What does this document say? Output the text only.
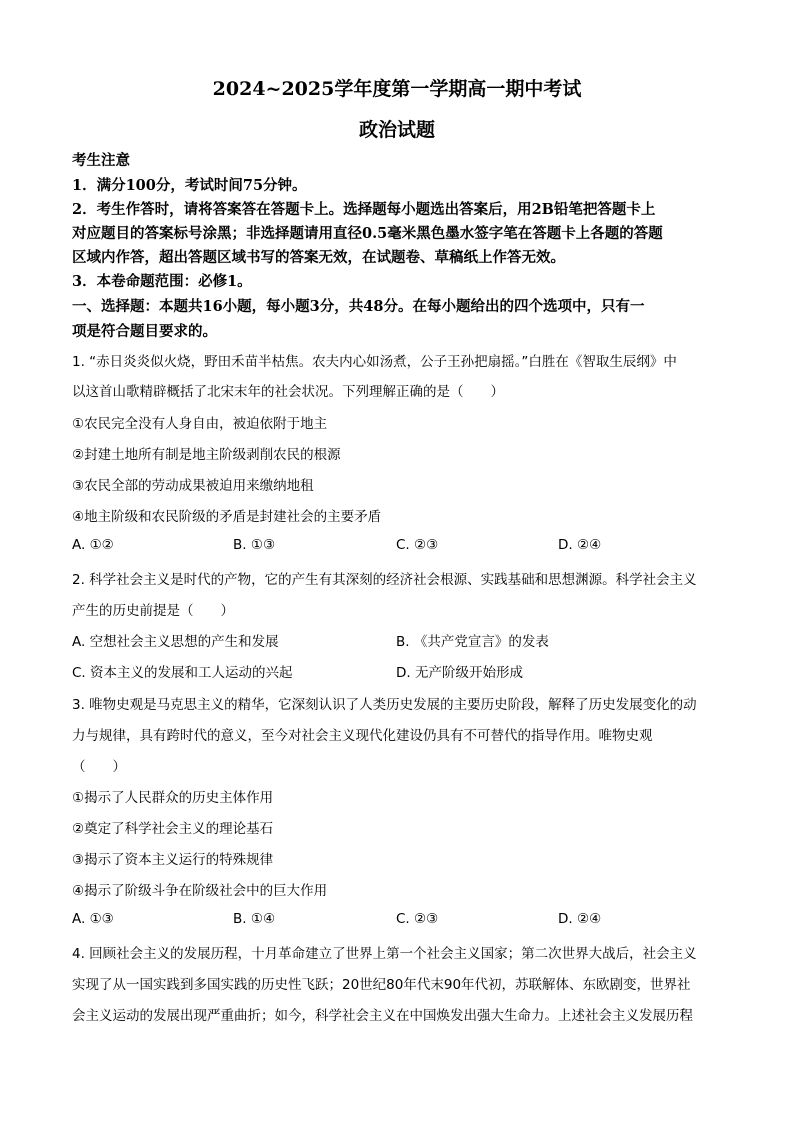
2024~2025学年度第一学期高一期中考试
政治试题
考生注意
1．满分100分，考试时间75分钟。
2．考生作答时，请将答案答在答题卡上。选择题每小题选出答案后，用2B铅笔把答题卡上
对应题目的答案标号涂黑；非选择题请用直径0.5毫米黑色墨水签字笔在答题卡上各题的答题
区域内作答，超出答题区域书写的答案无效，在试题卷、草稿纸上作答无效。
3．本卷命题范围：必修1。
一、选择题：本题共16小题，每小题3分，共48分。在每小题给出的四个选项中，只有一
项是符合题目要求的。
1. “赤日炎炎似火烧，野田禾苗半枯焦。农夫内心如汤煮，公子王孙把扇摇。”白胜在《智取生辰纲》中
以这首山歌精辟概括了北宋末年的社会状况。下列理解正确的是（　　）
①农民完全没有人身自由，被迫依附于地主
②封建土地所有制是地主阶级剥削农民的根源
③农民全部的劳动成果被迫用来缴纳地租
④地主阶级和农民阶级的矛盾是封建社会的主要矛盾
A. ①②	B. ①③	C. ②③	D. ②④
2. 科学社会主义是时代的产物，它的产生有其深刻的经济社会根源、实践基础和思想渊源。科学社会主义
产生的历史前提是（　　）
A. 空想社会主义思想的产生和发展	B. 《共产党宣言》的发表
C. 资本主义的发展和工人运动的兴起	D. 无产阶级开始形成
3. 唯物史观是马克思主义的精华，它深刻认识了人类历史发展的主要历史阶段，解释了历史发展变化的动
力与规律，具有跨时代的意义，至今对社会主义现代化建设仍具有不可替代的指导作用。唯物史观
（　　）
①揭示了人民群众的历史主体作用
②奠定了科学社会主义的理论基石
③揭示了资本主义运行的特殊规律
④揭示了阶级斗争在阶级社会中的巨大作用
A. ①③	B. ①④	C. ②③	D. ②④
4. 回顾社会主义的发展历程，十月革命建立了世界上第一个社会主义国家；第二次世界大战后，社会主义
实现了从一国实践到多国实践的历史性飞跃；20世纪80年代末90年代初，苏联解体、东欧剧变，世界社
会主义运动的发展出现严重曲折；如今，科学社会主义在中国焕发出强大生命力。上述社会主义发展历程
